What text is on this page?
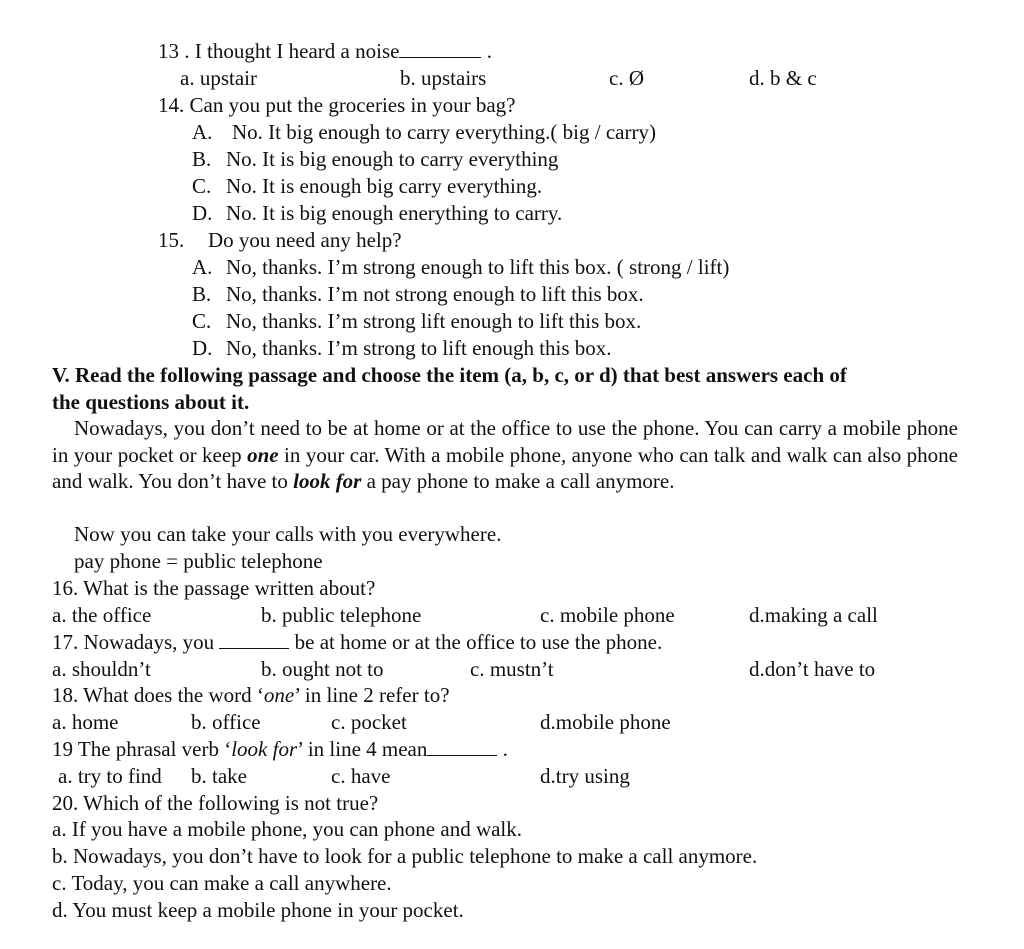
13 . I thought I heard a noise	.
a. upstair	b. upstairs	c. Ø	d. b & c
14. Can you put the groceries in your bag?
A. No. It big enough to carry everything.( big / carry)
B. No. It is big enough to carry everything
C. No. It is enough big carry everything.
D. No. It is big enough enerything to carry.
15. Do you need any help?
A. No, thanks. I’m strong enough to lift this box. ( strong / lift)
B. No, thanks. I’m not strong enough to lift this box.
C. No, thanks. I’m strong lift enough to lift this box.
D. No, thanks. I’m strong to lift enough this box.
V. Read the following passage and choose the item (a, b, c, or d) that best answers each of
the questions about it.
Nowadays, you don’t need to be at home or at the office to use the phone. You can carry a mobile phone in your pocket or keep one in your car. With a mobile phone, anyone who can talk and walk can also phone and walk. You don’t have to look for a pay phone to make a call anymore.
Now you can take your calls with you everywhere.
pay phone = public telephone
16. What is the passage written about?
a. the office	b. public telephone	c. mobile phone	d.making a call
17. Nowadays, you	be at home or at the office to use the phone.
a. shouldn’t	b. ought not to	c. mustn’t	d.don’t have to
18. What does the word ‘one’ in line 2 refer to?
a. home	b. office	c. pocket	d.mobile phone
19 The phrasal verb ‘look for’ in line 4 mean	.
a. try to find b. take	c. have	d.try using
20. Which of the following is not true?
a. If you have a mobile phone, you can phone and walk.
b. Nowadays, you don’t have to look for a public telephone to make a call anymore.
c. Today, you can make a call anywhere.
d. You must keep a mobile phone in your pocket.
